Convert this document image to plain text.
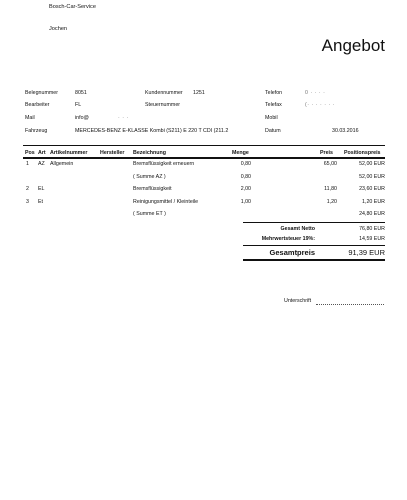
Bosch-Car-Service
Jochen
Angebot
Belegnummer	8051	Kundennummer 1251	Telefon	0 · · · ·
Bearbeiter	FL	Steuernummer	Telefax	(· · · · · · ·
Mail	info@	· · ·	Mobil
Fahrzeug	MERCEDES-BENZ E-KLASSE Kombi (S211) E 220 T CDI (211.2	Datum	30.03.2016
Pos Art Artikelnummer Hersteller Bezeichnung	Menge	Preis Positionspreis
1 AZ Allgemein	Bremsflüssigkeit erneuern	0,80	65,00	52,00 EUR
( Summe AZ )	0,80	52,00 EUR
2 EL	Bremsflüssigkeit	2,00	11,80	23,60 EUR
3 Et	Reinigungsmittel / Kleinteile	1,00	1,20	1,20 EUR
( Summe ET )	24,80 EUR
Gesamt Netto	76,80 EUR
Mehrwertsteuer 19%:	14,59 EUR
Gesamtpreis	91,39 EUR
Unterschrift
